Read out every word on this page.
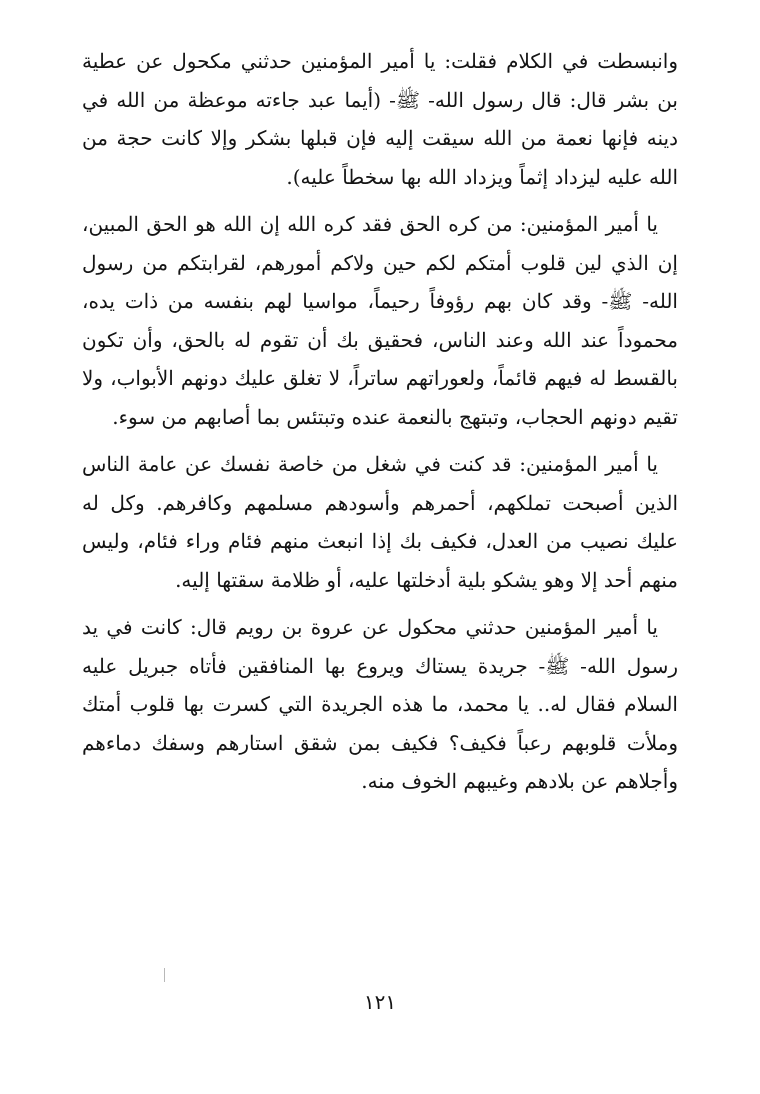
وانبسطت في الكلام فقلت: يا أمير المؤمنين حدثني مكحول عن عطية بن بشر قال: قال رسول الله- ﷺ- (أيما عبد جاءته موعظة من الله في دينه فإنها نعمة من الله سيقت إليه فإن قبلها بشكر وإلا كانت حجة من الله عليه ليزداد إثماً ويزداد الله بها سخطاً عليه).

يا أمير المؤمنين: من كره الحق فقد كره الله إن الله هو الحق المبين، إن الذي لين قلوب أمتكم لكم حين ولاكم أمورهم، لقرابتكم من رسول الله- ﷺ- وقد كان بهم رؤوفاً رحيماً، مواسيا لهم بنفسه من ذات يده، محموداً عند الله وعند الناس، فحقيق بك أن تقوم له بالحق، وأن تكون بالقسط له فيهم قائماً، ولعوراتهم ساتراً، لا تغلق عليك دونهم الأبواب، ولا تقيم دونهم الحجاب، وتبتهج بالنعمة عنده وتبتئس بما أصابهم من سوء.

يا أمير المؤمنين: قد كنت في شغل من خاصة نفسك عن عامة الناس الذين أصبحت تملكهم، أحمرهم وأسودهم مسلمهم وكافرهم. وكل له عليك نصيب من العدل، فكيف بك إذا انبعث منهم فئام وراء فئام، وليس منهم أحد إلا وهو يشكو بلية أدخلتها عليه، أو ظلامة سقتها إليه.

يا أمير المؤمنين حدثني محكول عن عروة بن رويم قال: كانت في يد رسول الله- ﷺ- جريدة يستاك ويروع بها المنافقين فأتاه جبريل عليه السلام فقال له.. يا محمد، ما هذه الجريدة التي كسرت بها قلوب أمتك وملأت قلوبهم رعباً فكيف؟ فكيف بمن شقق استارهم وسفك دماءهم وأجلاهم عن بلادهم وغيبهم الخوف منه.

١٢١
